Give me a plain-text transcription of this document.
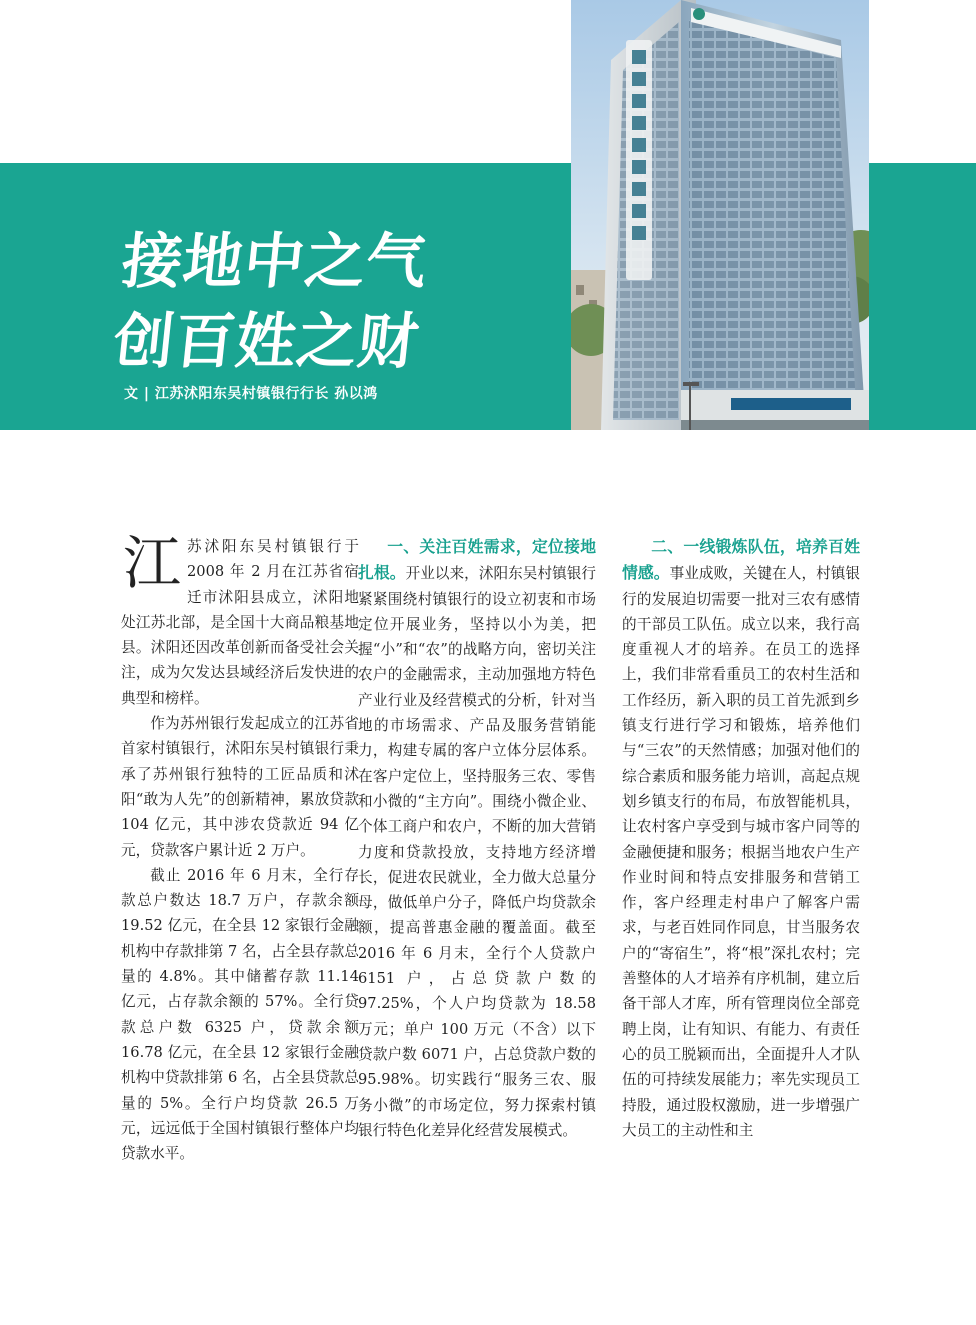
接地中之气
创百姓之财
文 | 江苏沭阳东吴村镇银行行长 孙以鸿

江苏沭阳东吴村镇银行于 2008 年 2 月在江苏省宿迁市沭阳县成立，沭阳地处江苏北部，是全国十大商品粮基地县。沭阳还因改革创新而备受社会关注，成为欠发达县域经济后发快进的典型和榜样。

作为苏州银行发起成立的江苏省首家村镇银行，沭阳东吴村镇银行秉承了苏州银行独特的工匠品质和沭阳“敢为人先”的创新精神，累放贷款 104 亿元，其中涉农贷款近 94 亿元，贷款客户累计近 2 万户。

截止 2016 年 6 月末，全行存款总户数达 18.7 万户，存款余额 19.52 亿元，在全县 12 家银行金融机构中存款排第 7 名，占全县存款总量的 4.8%。其中储蓄存款 11.14 亿元，占存款余额的 57%。全行贷款总户数 6325 户，贷款余额 16.78 亿元，在全县 12 家银行金融机构中贷款排第 6 名，占全县贷款总量的 5%。全行户均贷款 26.5 万元，远远低于全国村镇银行整体户均贷款水平。

一、关注百姓需求，定位接地扎根。开业以来，沭阳东吴村镇银行紧紧围绕村镇银行的设立初衷和市场定位开展业务，坚持以小为美，把握“小”和“农”的战略方向，密切关注农户的金融需求，主动加强地方特色产业行业及经营模式的分析，针对当地的市场需求、产品及服务营销能力，构建专属的客户立体分层体系。在客户定位上，坚持服务三农、零售和小微的“主方向”。围绕小微企业、个体工商户和农户，不断的加大营销力度和贷款投放，支持地方经济增长，促进农民就业，全力做大总量分母，做低单户分子，降低户均贷款余额，提高普惠金融的覆盖面。截至 2016 年 6 月末，全行个人贷款户 6151 户，占总贷款户数的 97.25%，个人户均贷款为 18.58 万元；单户 100 万元（不含）以下贷款户数 6071 户，占总贷款户数的 95.98%。切实践行“服务三农、服务小微”的市场定位，努力探索村镇银行特色化差异化经营发展模式。

二、一线锻炼队伍，培养百姓情感。事业成败，关键在人，村镇银行的发展迫切需要一批对三农有感情的干部员工队伍。成立以来，我行高度重视人才的培养。在员工的选择上，我们非常看重员工的农村生活和工作经历，新入职的员工首先派到乡镇支行进行学习和锻炼，培养他们与“三农”的天然情感；加强对他们的综合素质和服务能力培训，高起点规划乡镇支行的布局，布放智能机具，让农村客户享受到与城市客户同等的金融便捷和服务；根据当地农户生产作业时间和特点安排服务和营销工作，客户经理走村串户了解客户需求，与老百姓同作同息，甘当服务农户的“寄宿生”，将“根”深扎农村；完善整体的人才培养有序机制，建立后备干部人才库，所有管理岗位全部竞聘上岗，让有知识、有能力、有责任心的员工脱颖而出，全面提升人才队伍的可持续发展能力；率先实现员工持股，通过股权激励，进一步增强广大员工的主动性和主
